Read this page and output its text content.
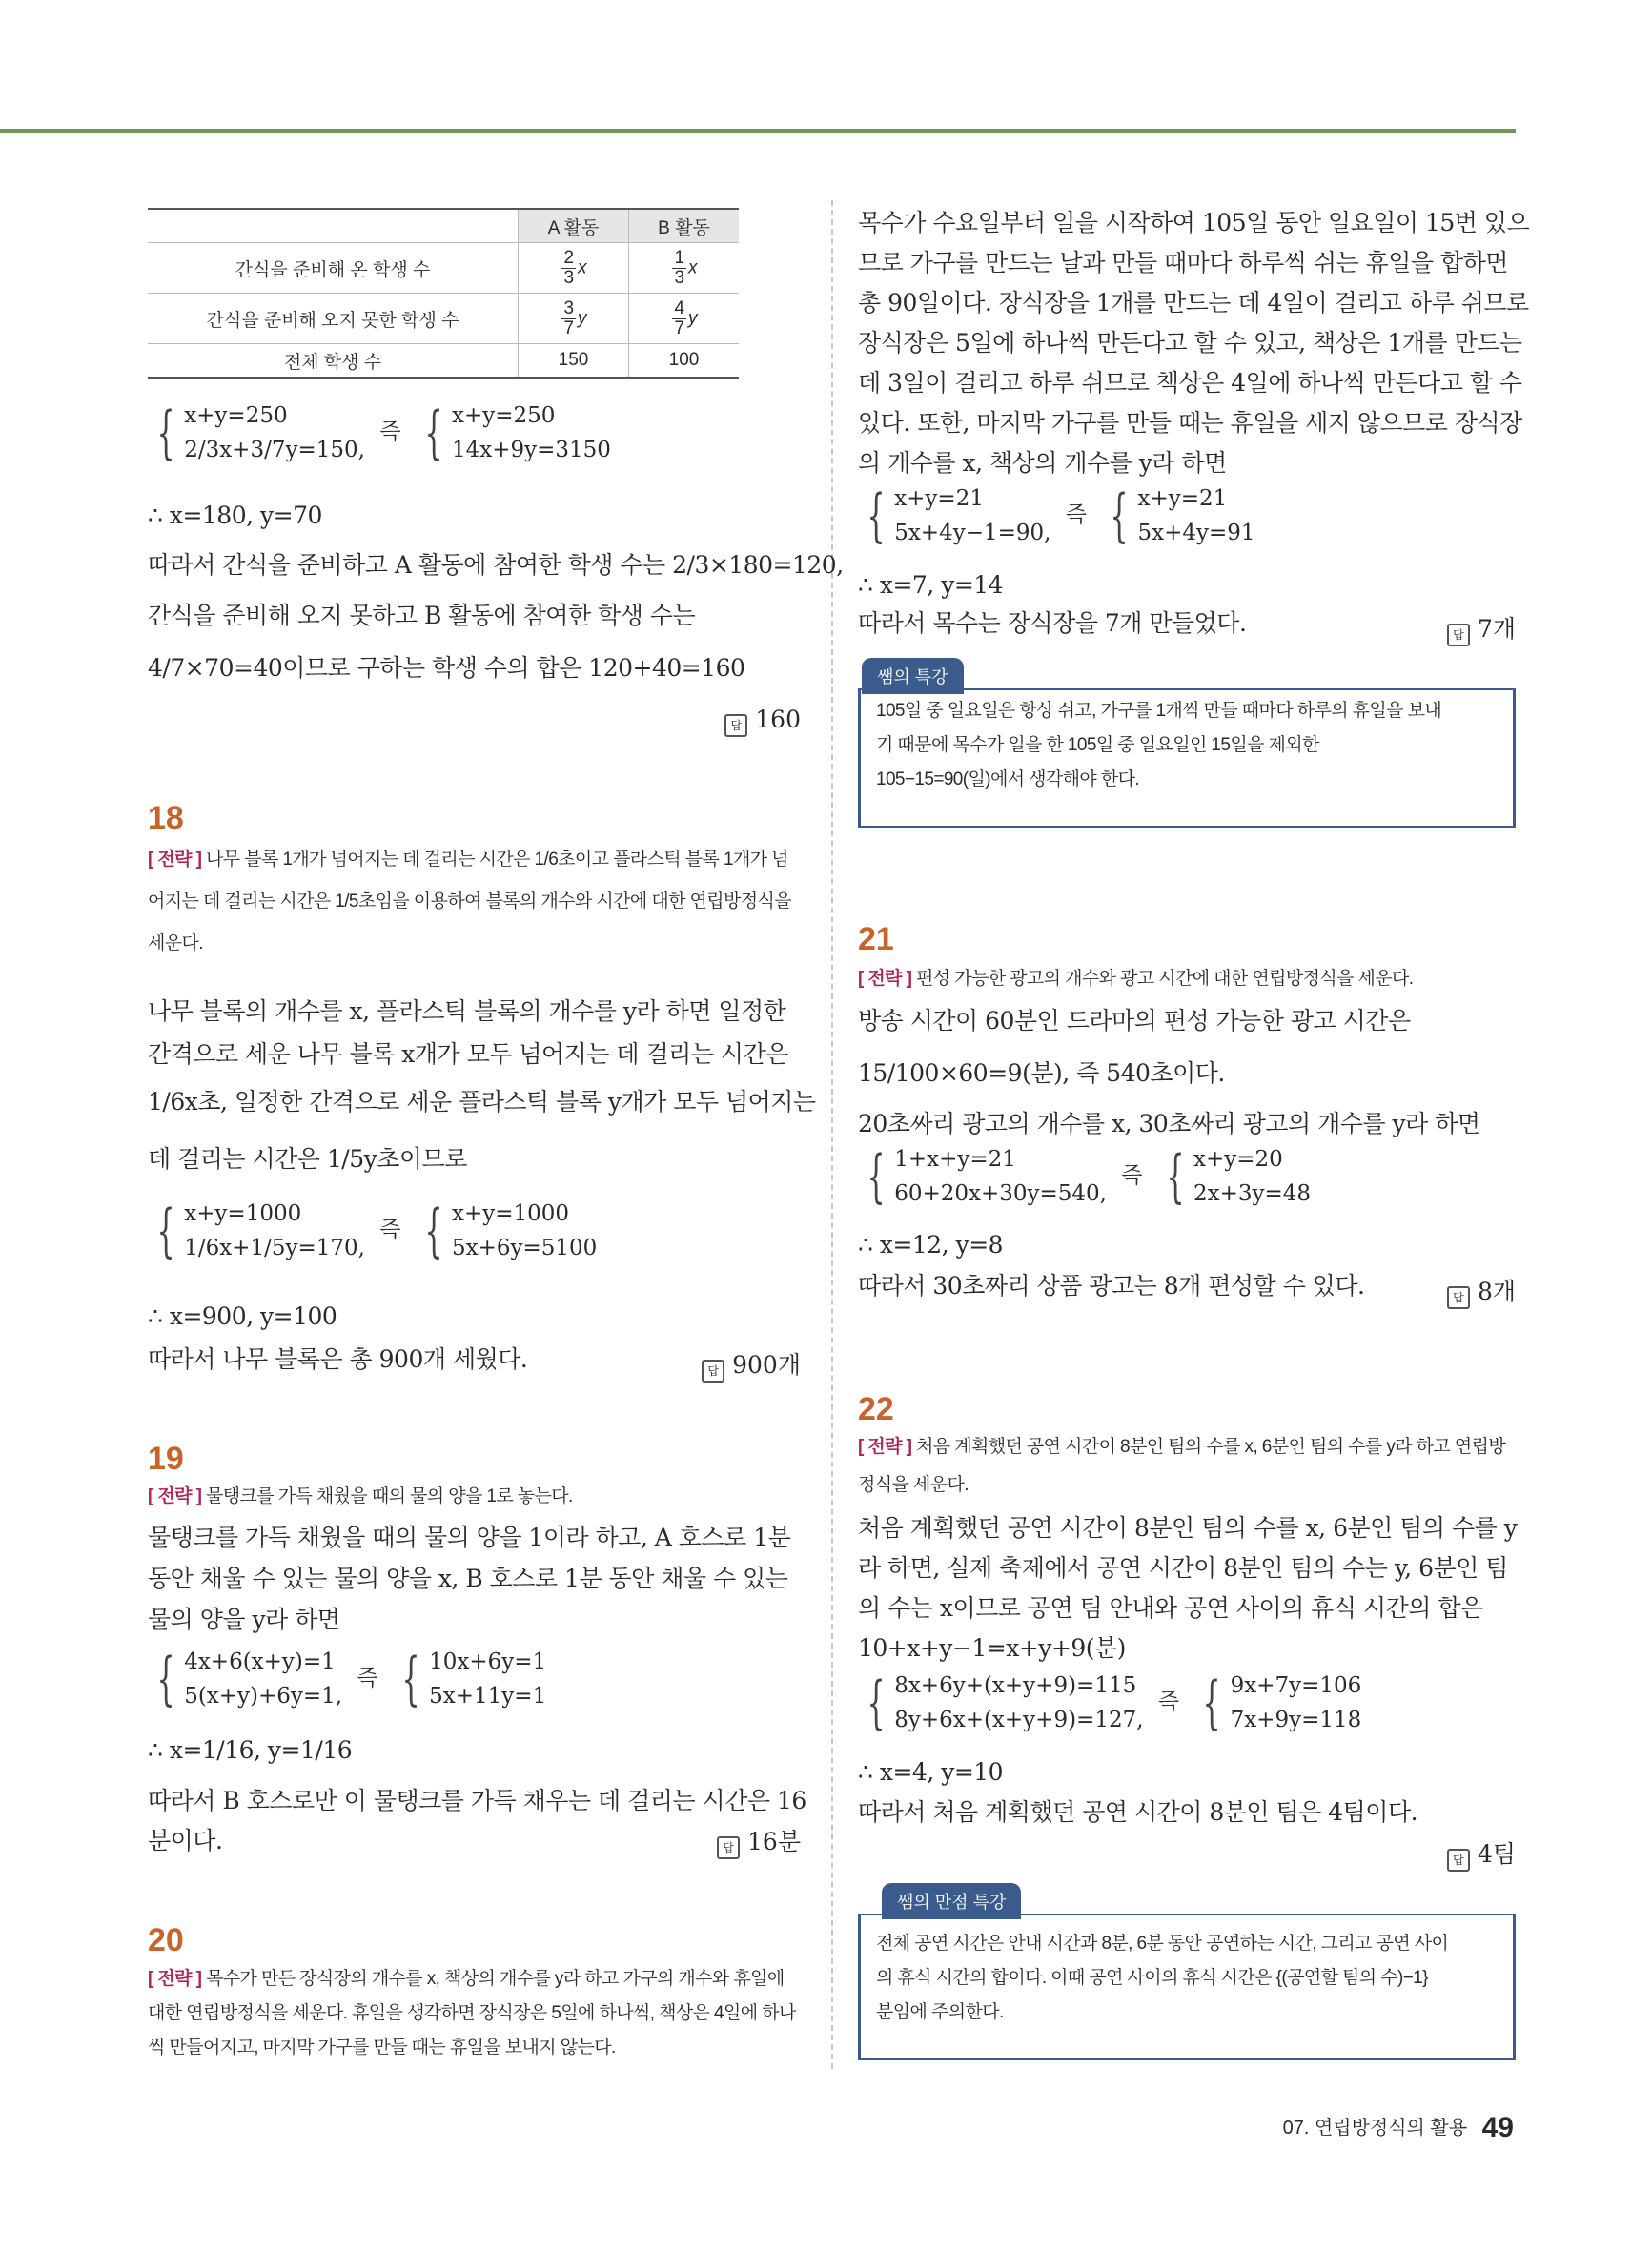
	A 활동	B 활동
간식을 준비해 온 학생 수	$\frac{2}{3}$ x	$\frac{1}{3}$ x
간식을 준비해 오지 못한 학생 수	$\frac{3}{7}$ y	$\frac{4}{7}$ y
전체 학생 수	150	100
{ x+y=250
2/3x+3/7y=150,
즉 { x+y=250
14x+9y=3150

∴ x=180, y=70

따라서 간식을 준비하고 A 활동에 참여한 학생 수는 2/3×180=120,

간식을 준비해 오지 못하고 B 활동에 참여한 학생 수는

4/7×70=40이므로 구하는 학생 수의 합은 120+40=160

답 160
18

[ 전략 ] 나무 블록 1개가 넘어지는 데 걸리는 시간은 1/6초이고 플라스틱 블록 1개가 넘어지는 데 걸리는 시간은 1/5초임을 이용하여 블록의 개수와 시간에 대한 연립방정식을 세운다.

나무 블록의 개수를 x, 플라스틱 블록의 개수를 y라 하면 일정한

간격으로 세운 나무 블록 x개가 모두 넘어지는 데 걸리는 시간은

1/6x초, 일정한 간격으로 세운 플라스틱 블록 y개가 모두 넘어지는

데 걸리는 시간은 1/5y초이므로

{ x+y=1000
1/6x+1/5y=170,
즉 { x+y=1000
5x+6y=5100

∴ x=900, y=100

따라서 나무 블록은 총 900개 세웠다.	답 900개
19

[ 전략 ] 물탱크를 가득 채웠을 때의 물의 양을 1로 놓는다.

물탱크를 가득 채웠을 때의 물의 양을 1이라 하고, A 호스로 1분

동안 채울 수 있는 물의 양을 x, B 호스로 1분 동안 채울 수 있는

물의 양을 y라 하면

{ 4x+6(x+y)=1
5(x+y)+6y=1,
즉 { 10x+6y=1
5x+11y=1

∴ x=1/16, y=1/16

따라서 B 호스로만 이 물탱크를 가득 채우는 데 걸리는 시간은 16

분이다.	답 16분
20

[ 전략 ] 목수가 만든 장식장의 개수를 x, 책상의 개수를 y라 하고 가구의 개수와 휴일에 대한 연립방정식을 세운다. 휴일을 생각하면 장식장은 5일에 하나씩, 책상은 4일에 하나씩 만들어지고, 마지막 가구를 만들 때는 휴일을 보내지 않는다.

목수가 수요일부터 일을 시작하여 105일 동안 일요일이 15번 있으

므로 가구를 만드는 날과 만들 때마다 하루씩 쉬는 휴일을 합하면

총 90일이다. 장식장을 1개를 만드는 데 4일이 걸리고 하루 쉬므로

장식장은 5일에 하나씩 만든다고 할 수 있고, 책상은 1개를 만드는

데 3일이 걸리고 하루 쉬므로 책상은 4일에 하나씩 만든다고 할 수

있다. 또한, 마지막 가구를 만들 때는 휴일을 세지 않으므로 장식장

의 개수를 x, 책상의 개수를 y라 하면

{ x+y=21
5x+4y−1=90,
즉 { x+y=21
5x+4y=91

∴ x=7, y=14

따라서 목수는 장식장을 7개 만들었다.	답 7개
쌤의 특강
105일 중 일요일은 항상 쉬고, 가구를 1개씩 만들 때마다 하루의 휴일을 보내
기 때문에 목수가 일을 한 105일 중 일요일인 15일을 제외한
105−15=90(일)에서 생각해야 한다.
21

[ 전략 ] 편성 가능한 광고의 개수와 광고 시간에 대한 연립방정식을 세운다.

방송 시간이 60분인 드라마의 편성 가능한 광고 시간은

15/100×60=9(분), 즉 540초이다.

20초짜리 광고의 개수를 x, 30초짜리 광고의 개수를 y라 하면

{ 1+x+y=21
60+20x+30y=540,
즉 { x+y=20
2x+3y=48

∴ x=12, y=8

따라서 30초짜리 상품 광고는 8개 편성할 수 있다.	답 8개
22

[ 전략 ] 처음 계획했던 공연 시간이 8분인 팀의 수를 x, 6분인 팀의 수를 y라 하고 연립방정식을 세운다.

처음 계획했던 공연 시간이 8분인 팀의 수를 x, 6분인 팀의 수를 y

라 하면, 실제 축제에서 공연 시간이 8분인 팀의 수는 y, 6분인 팀

의 수는 x이므로 공연 팀 안내와 공연 사이의 휴식 시간의 합은

10+x+y−1=x+y+9(분)

{ 8x+6y+(x+y+9)=115
8y+6x+(x+y+9)=127,
즉 { 9x+7y=106
7x+9y=118

∴ x=4, y=10

따라서 처음 계획했던 공연 시간이 8분인 팀은 4팀이다.

답 4팀
쌤의 만점 특강
전체 공연 시간은 안내 시간과 8분, 6분 동안 공연하는 시간, 그리고 공연 사이
의 휴식 시간의 합이다. 이때 공연 사이의 휴식 시간은 {(공연할 팀의 수)−1}
분임에 주의한다.
07. 연립방정식의 활용 49
